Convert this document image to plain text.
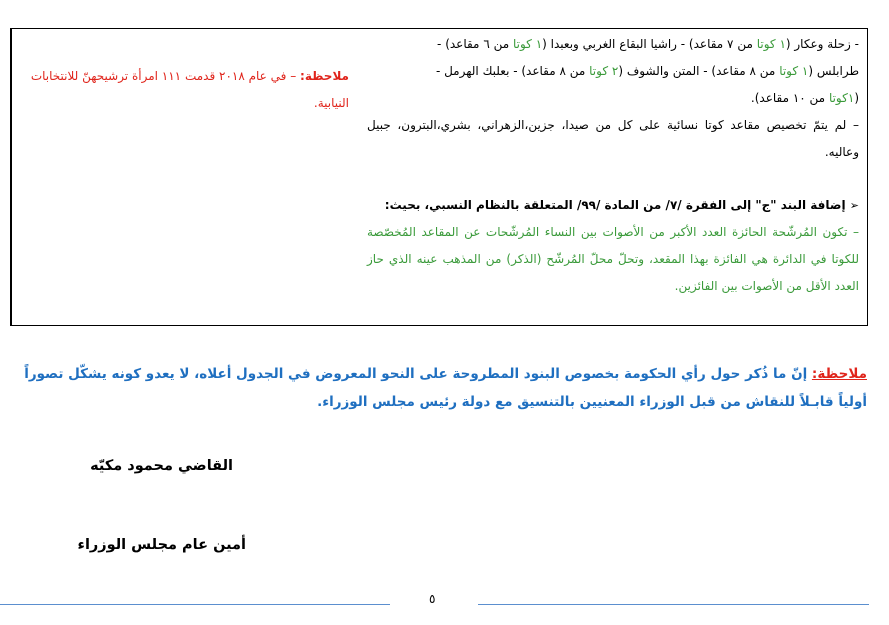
- زحلة وعكار (١ كوتا من ٧ مقاعد) - راشيا البقاع الغربي وبعبدا (١ كوتا من ٦ مقاعد) -

طرابلس (١ كوتا من ٨ مقاعد) - المتن والشوف (٢ كوتا من ٨ مقاعد) - بعلبك الهرمل -

(١كوتا من ١٠ مقاعد).

– لم يتمّ تخصيص مقاعد كوتا نسائية على كل من صيدا، جزين،الزهراني، بشري،البترون، جبيل وعاليه.

➢ إضافة البند "ج" إلى الفقرة /٧/ من المادة /٩٩/ المتعلقة بالنظام النسبي، بحيث:

– تكون المُرشّحة الحائزة العدد الأكبر من الأصوات بين النساء المُرشّحات عن المقاعد المُخصّصة للكوتا في الدائرة هي الفائزة بهذا المقعد، وتحلّ محلّ المُرشّح (الذكر) من المذهب عينه الذي حاز العدد الأقل من الأصوات بين الفائزين.

ملاحظة: – في عام ٢٠١٨ قدمت ١١١ امرأة ترشيحهنّ للانتخابات النيابية.
ملاحظة: إنّ ما ذُكر حول رأي الحكومة بخصوص البنود المطروحة على النحو المعروض في الجدول أعلاه، لا يعدو كونه يشكّل تصوراً أولياً قابـلاً للنقاش من قبل الوزراء المعنيين بالتنسيق مع دولة رئيس مجلس الوزراء.
القاضي محمود مكيّه
أمين عام مجلس الوزراء
٥
